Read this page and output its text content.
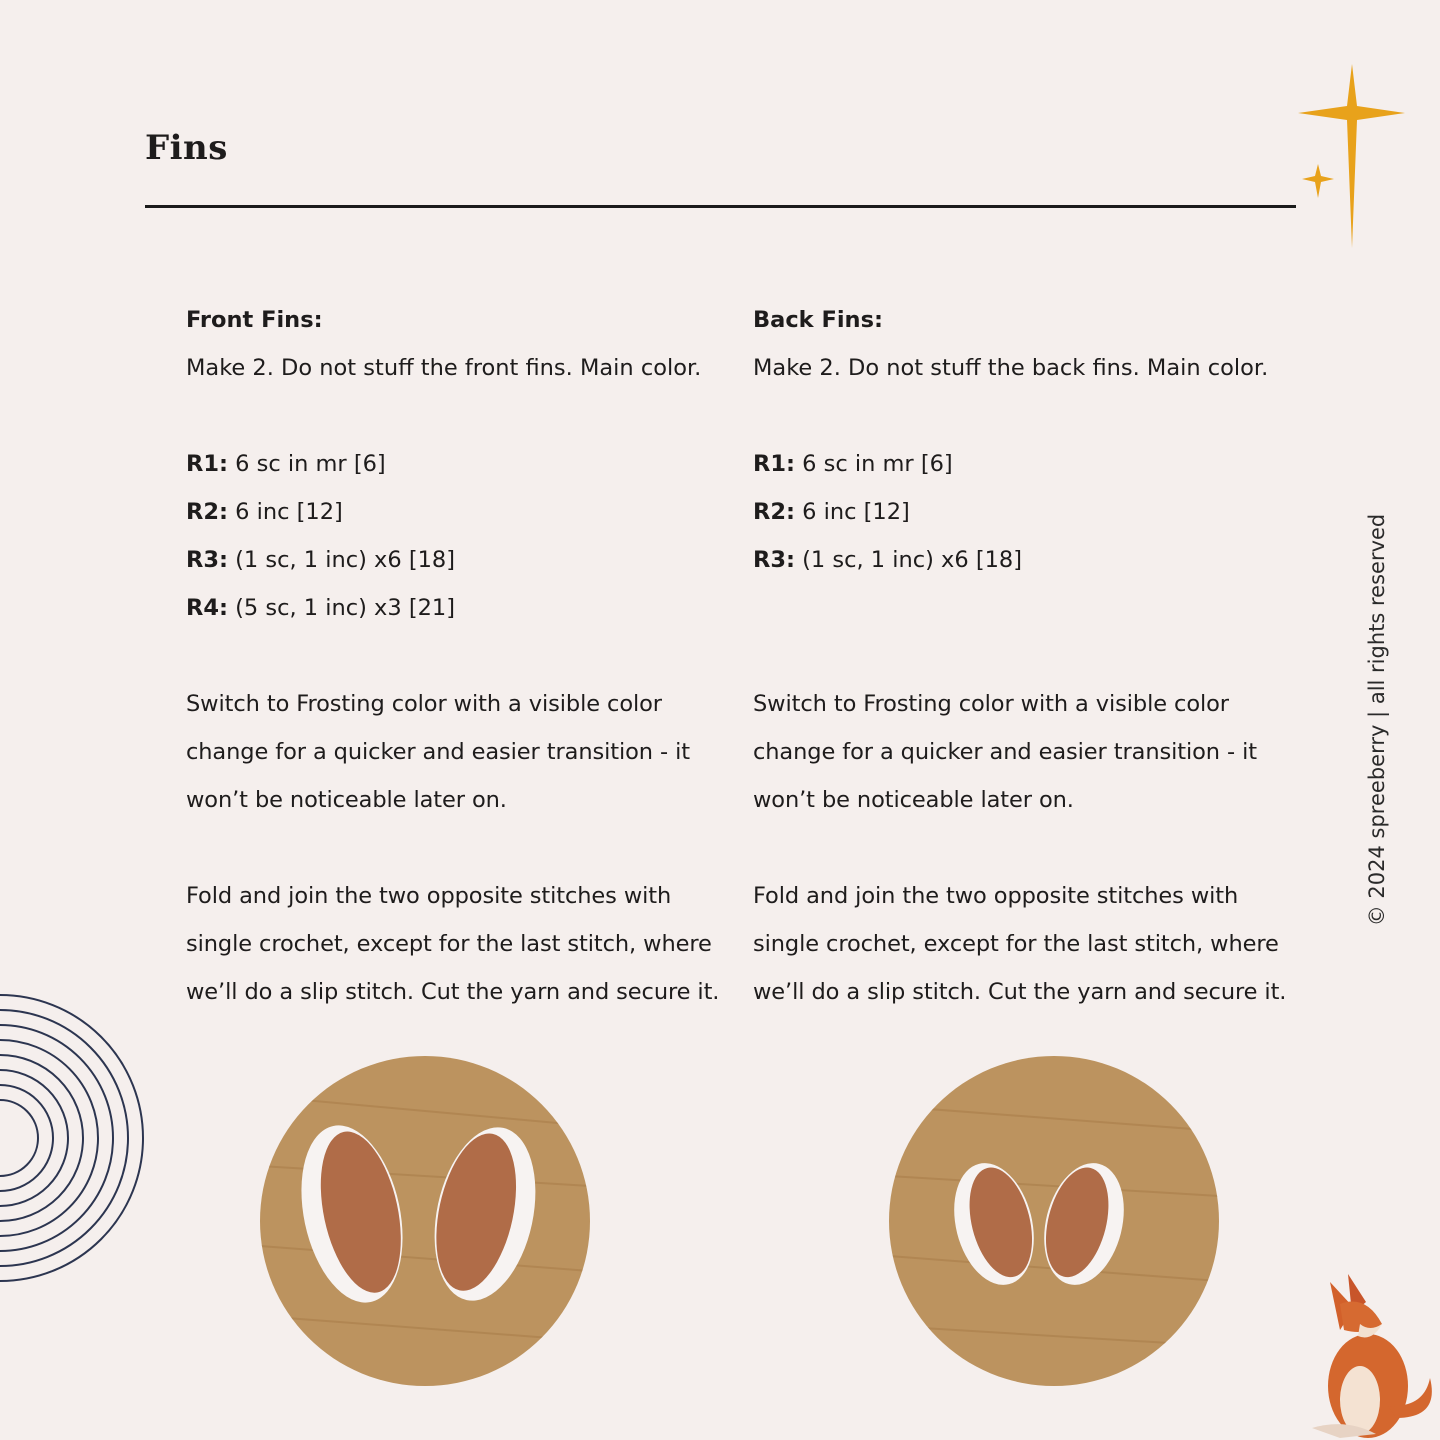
Fins
Front Fins:
Make 2. Do not stuff the front fins. Main color.
R1: 6 sc in mr [6]
R2: 6 inc [12]
R3: (1 sc, 1 inc) x6 [18]
R4: (5 sc, 1 inc) x3 [21]
Switch to Frosting color with a visible color
change for a quicker and easier transition - it
won’t be noticeable later on.
Fold and join the two opposite stitches with
single crochet, except for the last stitch, where
we’ll do a slip stitch. Cut the yarn and secure it.
Back Fins:
Make 2. Do not stuff the back fins. Main color.
R1: 6 sc in mr [6]
R2: 6 inc [12]
R3: (1 sc, 1 inc) x6 [18]
Switch to Frosting color with a visible color
change for a quicker and easier transition - it
won’t be noticeable later on.
Fold and join the two opposite stitches with
single crochet, except for the last stitch, where
we’ll do a slip stitch. Cut the yarn and secure it.
© 2024 spreeberry | all rights reserved
